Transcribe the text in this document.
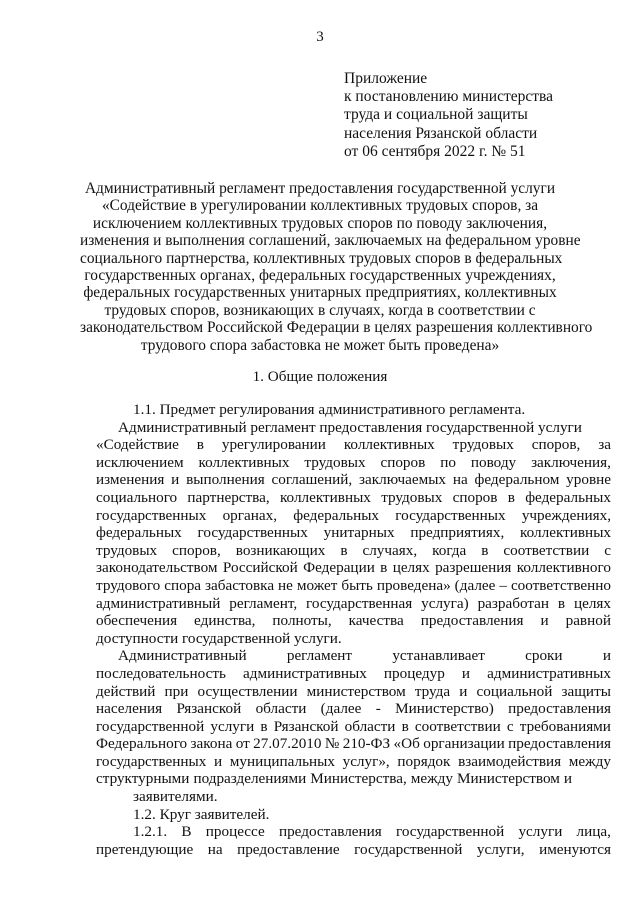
3
Приложение
к постановлению министерства
труда и социальной защиты
населения Рязанской области
от 06 сентября 2022 г. № 51
Административный регламент предоставления государственной услуги
«Содействие в урегулировании коллективных трудовых споров, за
исключением коллективных трудовых споров по поводу заключения,
изменения и выполнения соглашений, заключаемых на федеральном уровне
социального партнерства, коллективных трудовых споров в федеральных
государственных органах, федеральных государственных учреждениях,
федеральных государственных унитарных предприятиях, коллективных
трудовых споров, возникающих в случаях, когда в соответствии с
законодательством Российской Федерации в целях разрешения коллективного
трудового спора забастовка не может быть проведена»
1. Общие положения
1.1. Предмет регулирования административного регламента.
Административный регламент предоставления государственной услуги
«Содействие в урегулировании коллективных трудовых споров, за
исключением коллективных трудовых споров по поводу заключения,
изменения и выполнения соглашений, заключаемых на федеральном уровне
социального партнерства, коллективных трудовых споров в федеральных
государственных органах, федеральных государственных учреждениях,
федеральных государственных унитарных предприятиях, коллективных
трудовых споров, возникающих в случаях, когда в соответствии с
законодательством Российской Федерации в целях разрешения коллективного
трудового спора забастовка не может быть проведена» (далее – соответственно
административный регламент, государственная услуга) разработан в целях
обеспечения единства, полноты, качества предоставления и равной
доступности государственной услуги.
Административный	регламент	устанавливает	сроки	и
последовательность административных процедур и административных
действий при осуществлении министерством труда и социальной защиты
населения Рязанской области (далее - Министерство) предоставления
государственной услуги в Рязанской области в соответствии с требованиями
Федерального закона от 27.07.2010 № 210-ФЗ «Об организации предоставления
государственных и муниципальных услуг», порядок взаимодействия между
структурными подразделениями Министерства, между Министерством и
заявителями.
1.2. Круг заявителей.
1.2.1. В процессе предоставления государственной услуги лица,
претендующие на предоставление государственной услуги, именуются
